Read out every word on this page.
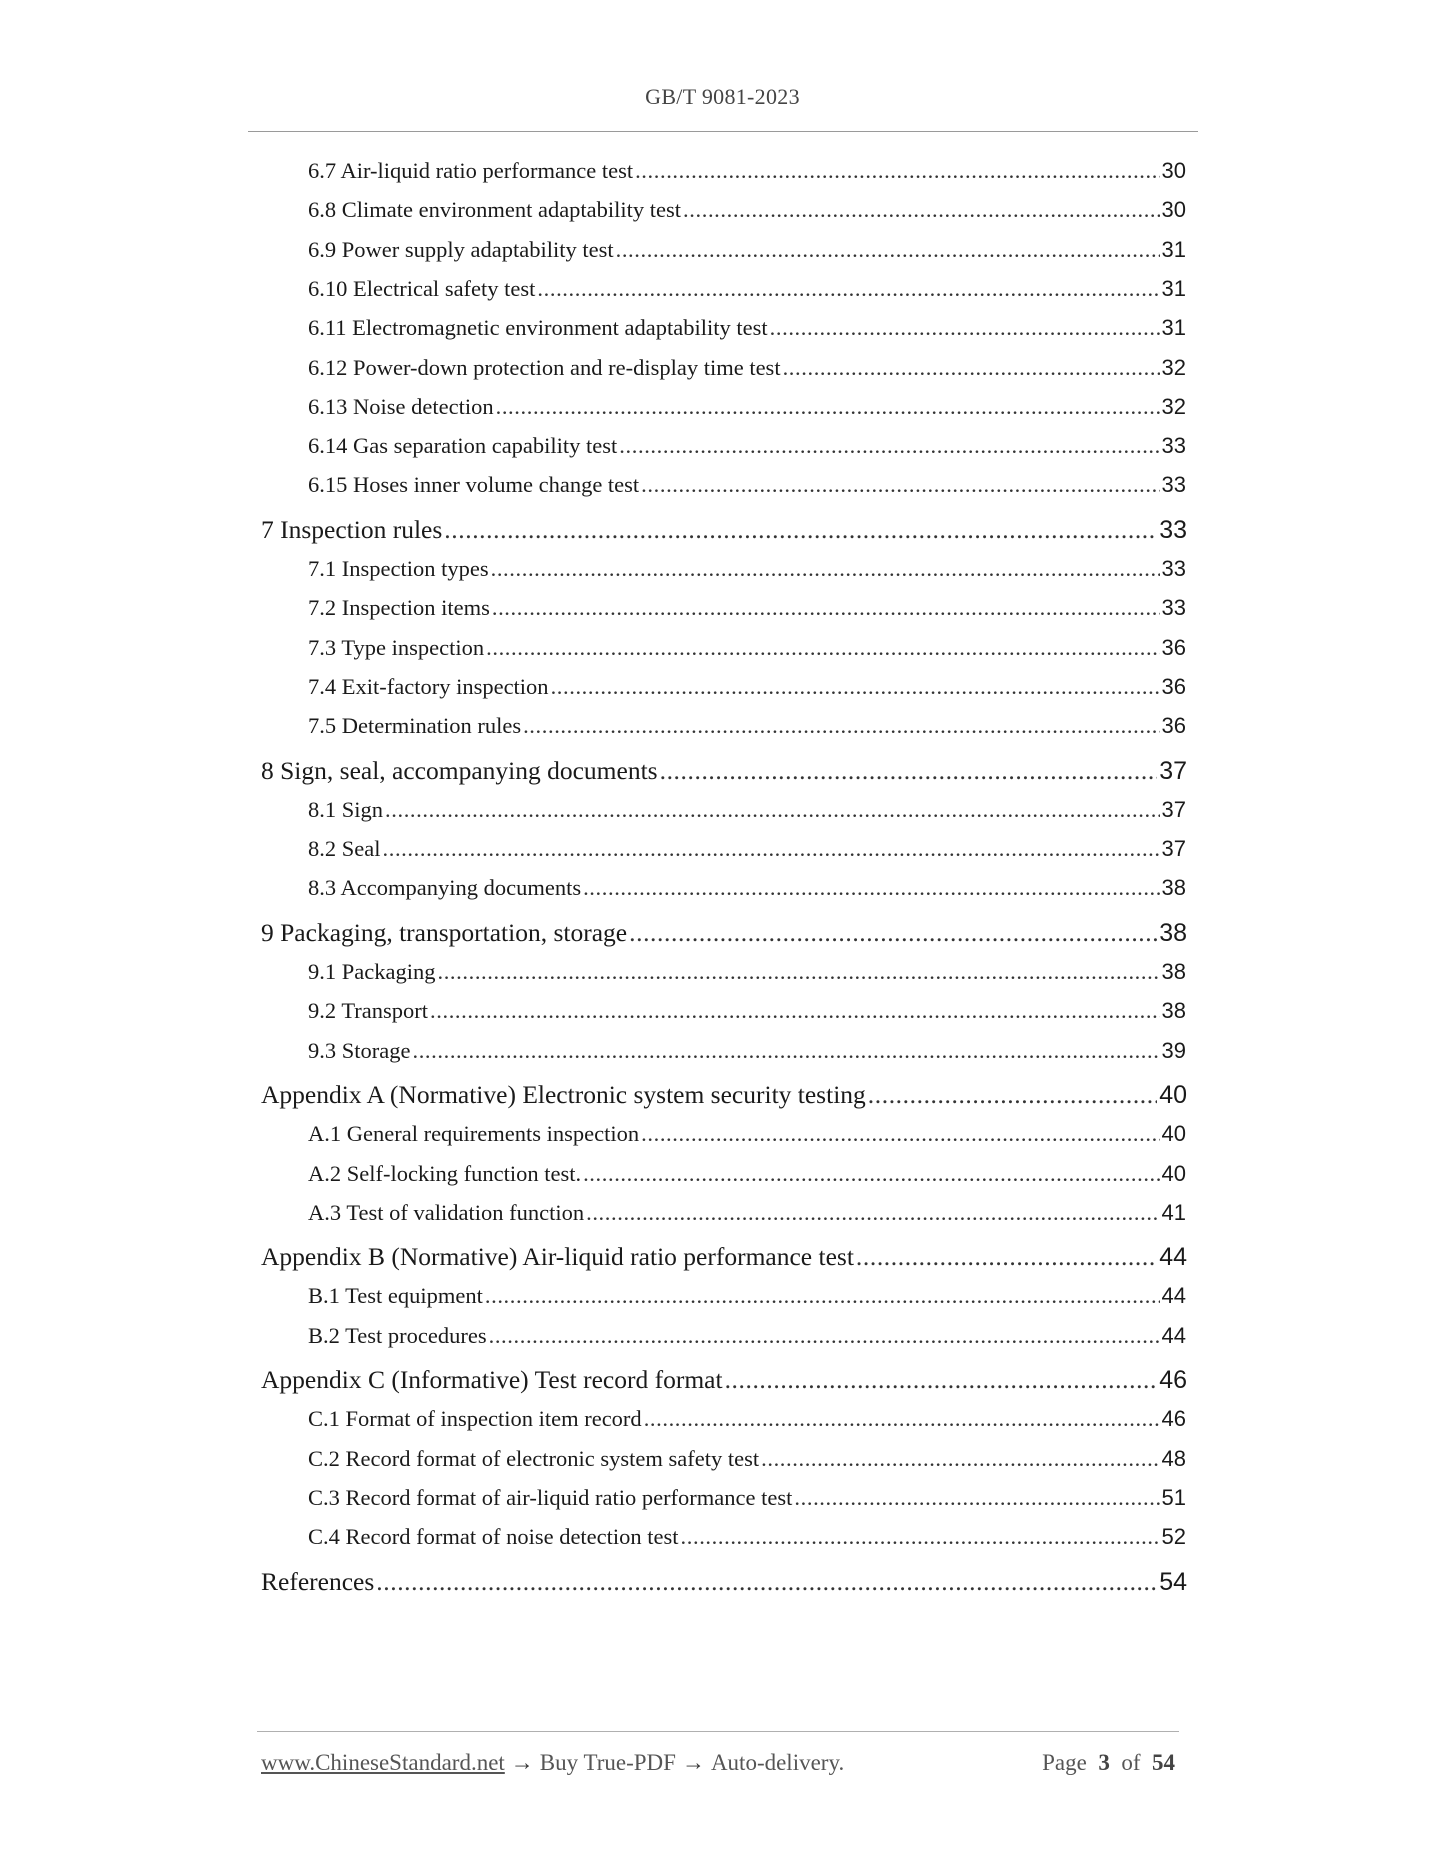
GB/T 9081-2023
6.7 Air-liquid ratio performance test .....	30
6.8 Climate environment adaptability test .....	30
6.9 Power supply adaptability test .....	31
6.10 Electrical safety test .....	31
6.11 Electromagnetic environment adaptability test .....	31
6.12 Power-down protection and re-display time test .....	32
6.13 Noise detection .....	32
6.14 Gas separation capability test .....	33
6.15 Hoses inner volume change test .....	33
7 Inspection rules .....	33
7.1 Inspection types .....	33
7.2 Inspection items .....	33
7.3 Type inspection .....	36
7.4 Exit-factory inspection .....	36
7.5 Determination rules .....	36
8 Sign, seal, accompanying documents .....	37
8.1 Sign .....	37
8.2 Seal .....	37
8.3 Accompanying documents .....	38
9 Packaging, transportation, storage .....	38
9.1 Packaging .....	38
9.2 Transport .....	38
9.3 Storage .....	39
Appendix A (Normative) Electronic system security testing .....	40
A.1 General requirements inspection .....	40
A.2 Self-locking function test. .....	40
A.3 Test of validation function .....	41
Appendix B (Normative) Air-liquid ratio performance test .....	44
B.1 Test equipment .....	44
B.2 Test procedures .....	44
Appendix C (Informative) Test record format .....	46
C.1 Format of inspection item record .....	46
C.2 Record format of electronic system safety test .....	48
C.3 Record format of air-liquid ratio performance test .....	51
C.4 Record format of noise detection test .....	52
References .....	54
www.ChineseStandard.net → Buy True-PDF → Auto-delivery.	Page 3 of 54
